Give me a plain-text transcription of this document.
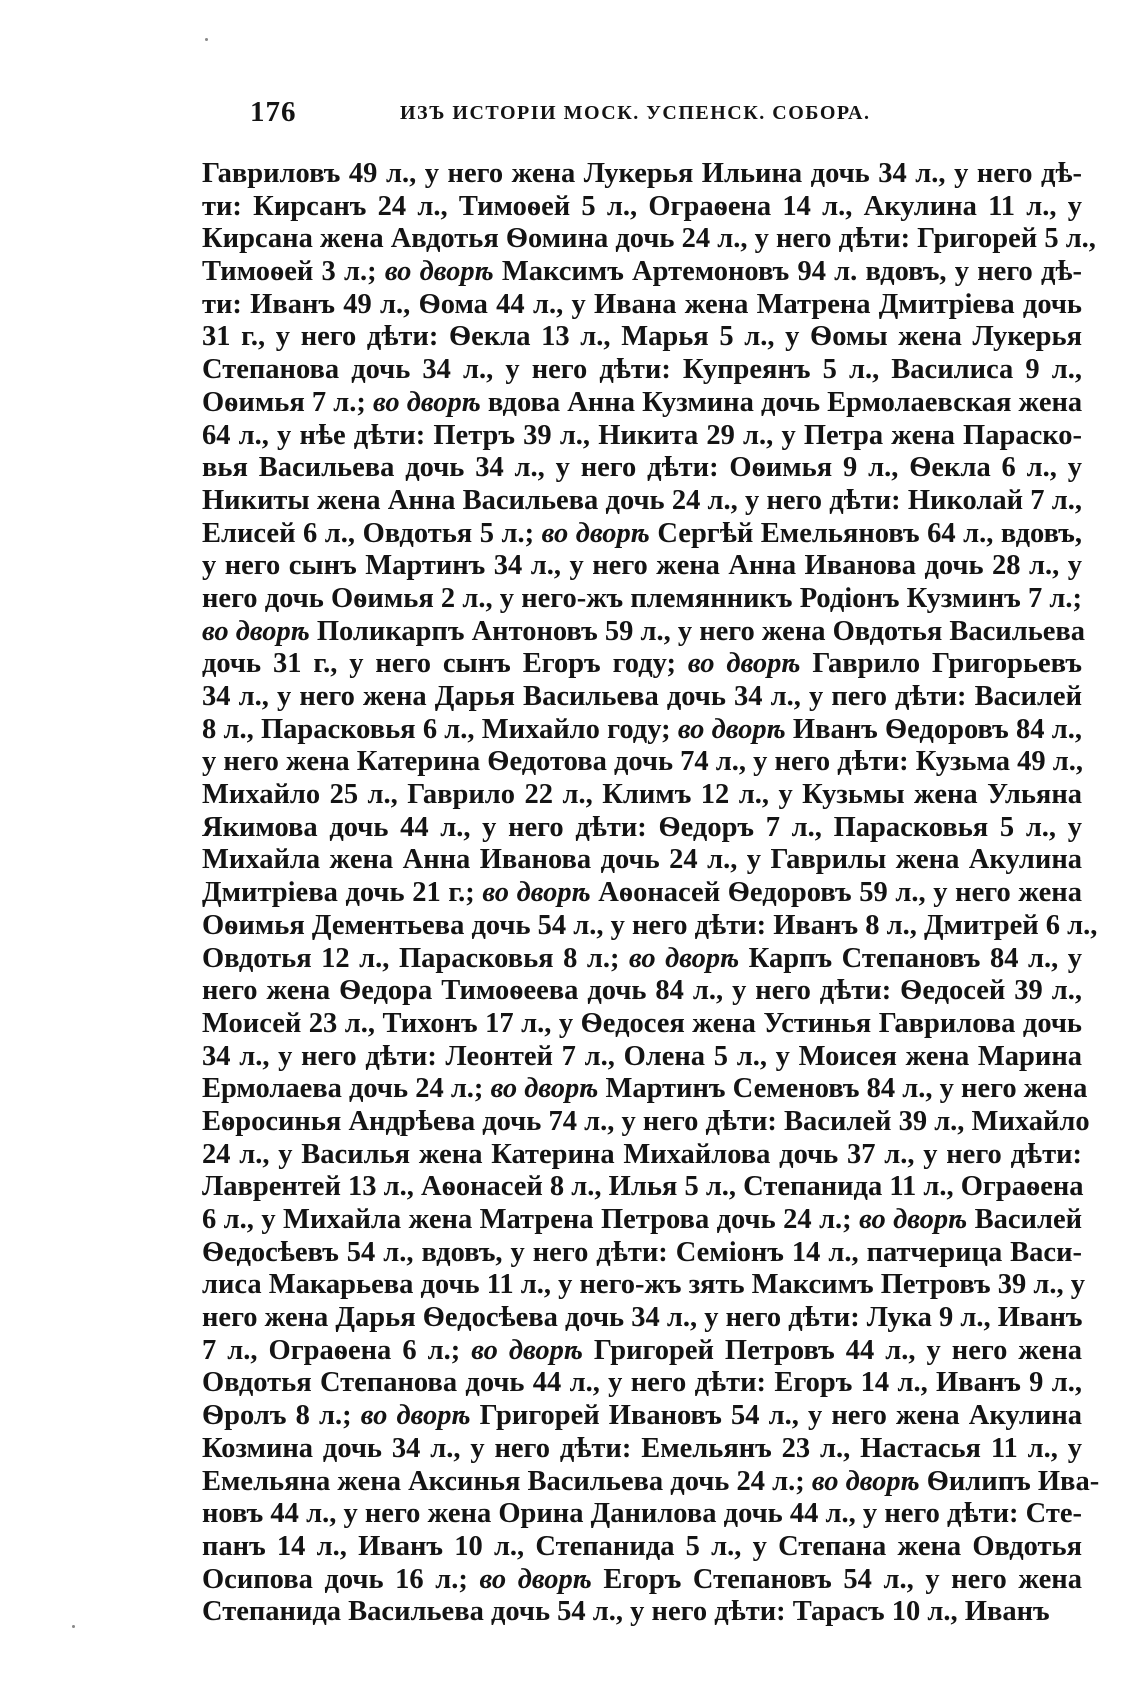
176	ИЗЪ ИСТОРІИ МОСК. УСПЕНСК. СОБОРА.
Гавриловъ 49 л., у него жена Лукерья Ильина дочь 34 л., у него дѣ-
ти: Кирсанъ 24 л., Тимоѳей 5 л., Ограѳена 14 л., Акулина 11 л., у
Кирсана жена Авдотья Ѳомина дочь 24 л., у него дѣти: Григорей 5 л.,
Тимоѳей 3 л.; во дворѣ Максимъ Артемоновъ 94 л. вдовъ, у него дѣ-
ти: Иванъ 49 л., Ѳома 44 л., у Ивана жена Матрена Дмитріева дочь
31 г., у него дѣти: Ѳекла 13 л., Марья 5 л., у Ѳомы жена Лукерья
Степанова дочь 34 л., у него дѣти: Купреянъ 5 л., Василиса 9 л.,
Оѳимья 7 л.; во дворѣ вдова Анна Кузмина дочь Ермолаевская жена
64 л., у нѣе дѣти: Петръ 39 л., Никита 29 л., у Петра жена Параско-
вья Васильева дочь 34 л., у него дѣти: Оѳимья 9 л., Ѳекла 6 л., у
Никиты жена Анна Васильева дочь 24 л., у него дѣти: Николай 7 л.,
Елисей 6 л., Овдотья 5 л.; во дворѣ Сергѣй Емельяновъ 64 л., вдовъ,
у него сынъ Мартинъ 34 л., у него жена Анна Иванова дочь 28 л., у
него дочь Оѳимья 2 л., у него-жъ племянникъ Родіонъ Кузминъ 7 л.;
во дворѣ Поликарпъ Антоновъ 59 л., у него жена Овдотья Васильева
дочь 31 г., у него сынъ Егоръ году; во дворѣ Гаврило Григорьевъ
34 л., у него жена Дарья Васильева дочь 34 л., у пего дѣти: Василей
8 л., Парасковья 6 л., Михайло году; во дворѣ Иванъ Ѳедоровъ 84 л.,
у него жена Катерина Ѳедотова дочь 74 л., у него дѣти: Кузьма 49 л.,
Михайло 25 л., Гаврило 22 л., Климъ 12 л., у Кузьмы жена Ульяна
Якимова дочь 44 л., у него дѣти: Ѳедоръ 7 л., Парасковья 5 л., у
Михайла жена Анна Иванова дочь 24 л., у Гаврилы жена Акулина
Дмитріева дочь 21 г.; во дворѣ Аѳонасей Ѳедоровъ 59 л., у него жена
Оѳимья Дементьева дочь 54 л., у него дѣти: Иванъ 8 л., Дмитрей 6 л.,
Овдотья 12 л., Парасковья 8 л.; во дворѣ Карпъ Степановъ 84 л., у
него жена Ѳедора Тимоѳеева дочь 84 л., у него дѣти: Ѳедосей 39 л.,
Моисей 23 л., Тихонъ 17 л., у Ѳедосея жена Устинья Гаврилова дочь
34 л., у него дѣти: Леонтей 7 л., Олена 5 л., у Моисея жена Марина
Ермолаева дочь 24 л.; во дворѣ Мартинъ Семеновъ 84 л., у него жена
Еѳросинья Андрѣева дочь 74 л., у него дѣти: Василей 39 л., Михайло
24 л., у Василья жена Катерина Михайлова дочь 37 л., у него дѣти:
Лаврентей 13 л., Аѳонасей 8 л., Илья 5 л., Степанида 11 л., Ограѳена
6 л., у Михайла жена Матрена Петрова дочь 24 л.; во дворѣ Василей
Ѳедосѣевъ 54 л., вдовъ, у него дѣти: Семіонъ 14 л., патчерица Васи-
лиса Макарьева дочь 11 л., у него-жъ зять Максимъ Петровъ 39 л., у
него жена Дарья Ѳедосѣева дочь 34 л., у него дѣти: Лука 9 л., Иванъ
7 л., Ограѳена 6 л.; во дворѣ Григорей Петровъ 44 л., у него жена
Овдотья Степанова дочь 44 л., у него дѣти: Егоръ 14 л., Иванъ 9 л.,
Ѳролъ 8 л.; во дворѣ Григорей Ивановъ 54 л., у него жена Акулина
Козмина дочь 34 л., у него дѣти: Емельянъ 23 л., Настасья 11 л., у
Емельяна жена Аксинья Васильева дочь 24 л.; во дворѣ Ѳилипъ Ива-
новъ 44 л., у него жена Орина Данилова дочь 44 л., у него дѣти: Сте-
панъ 14 л., Иванъ 10 л., Степанида 5 л., у Степана жена Овдотья
Осипова дочь 16 л.; во дворѣ Егоръ Степановъ 54 л., у него жена
Степанида Васильева дочь 54 л., у него дѣти: Тарасъ 10 л., Иванъ
